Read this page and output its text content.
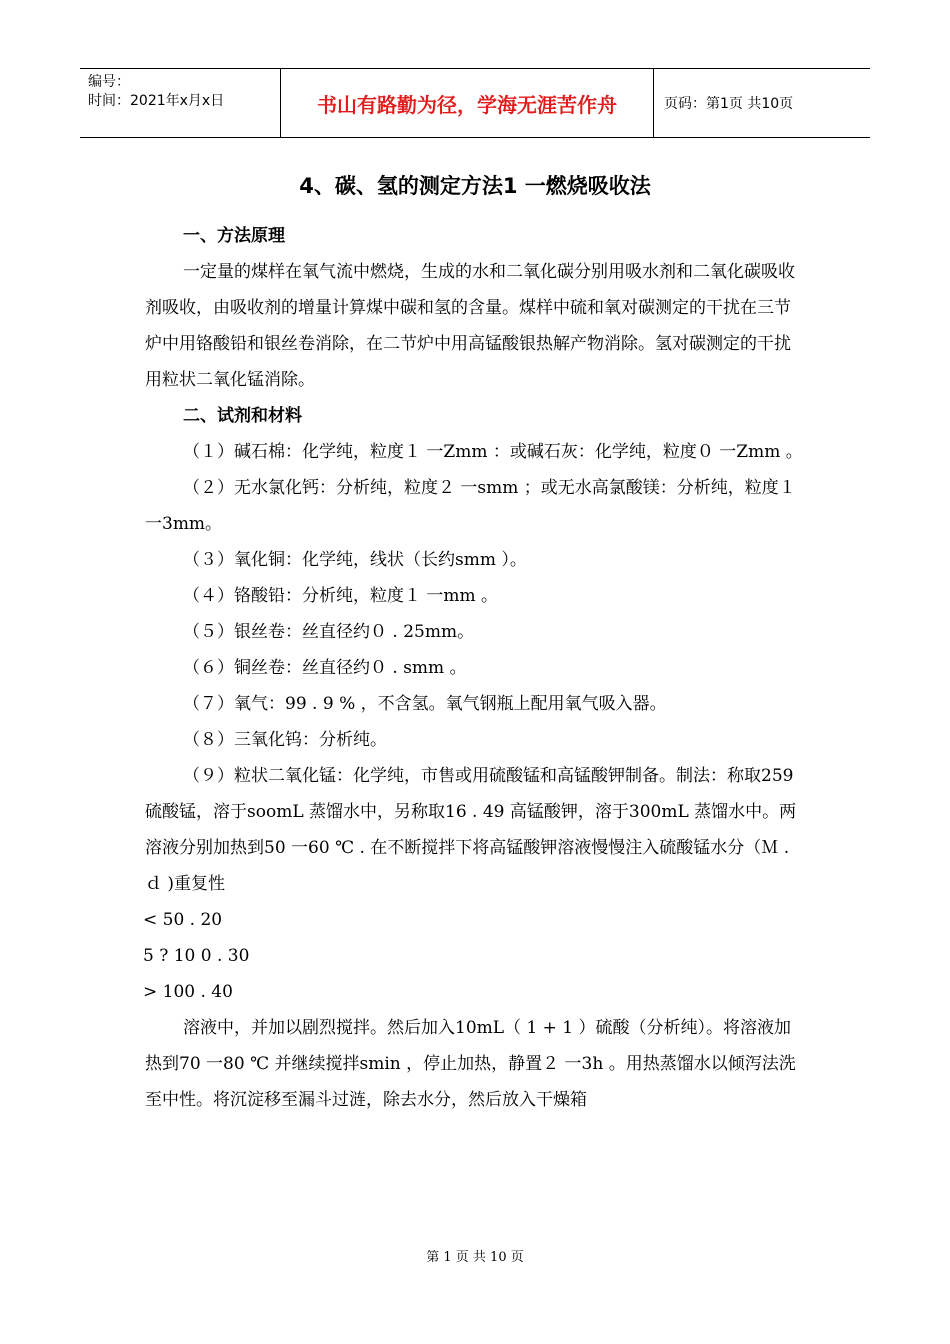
编号：
时间：2021年x月x日	书山有路勤为径，学海无涯苦作舟	页码：第1页 共10页
4、碳、氢的测定方法1 一燃烧吸收法

一、方法原理

一定量的煤样在氧气流中燃烧，生成的水和二氧化碳分别用吸水剂和二氧化碳吸收剂吸收，由吸收剂的增量计算煤中碳和氢的含量。煤样中硫和氧对碳测定的干扰在三节炉中用铬酸铅和银丝卷消除，在二节炉中用高锰酸银热解产物消除。氢对碳测定的干扰用粒状二氧化锰消除。

二、试剂和材料

（１）碱石棉：化学纯，粒度１ 一Zmm ：或碱石灰：化学纯，粒度０ 一Zmm 。

（２）无水氯化钙：分析纯，粒度２ 一smm ；或无水高氯酸镁：分析纯，粒度１ 一3mm。

（３）氧化铜：化学纯，线状（长约smm ）。

（４）铬酸铅：分析纯，粒度１ 一mm 。

（５）银丝卷：丝直径约０ . 25mm。

（６）铜丝卷：丝直径约０ . smm 。

（７）氧气：99 . 9 % ，不含氢。氧气钢瓶上配用氧气吸入器。

（８）三氧化钨：分析纯。

（９）粒状二氧化锰：化学纯，市售或用硫酸锰和高锰酸钾制备。制法：称取259 硫酸锰，溶于soomL 蒸馏水中，另称取16 . 49 高锰酸钾，溶于300mL 蒸馏水中。两溶液分别加热到50 一60 ℃ . 在不断搅拌下将高锰酸钾溶液慢慢注入硫酸锰水分（Ｍ . ｄ )重复性

< 50 . 20

5 ? 10 0 . 30

> 100 . 40

溶液中，并加以剧烈搅拌。然后加入10mL（ 1 + 1 ）硫酸（分析纯）。将溶液加热到70 一80 ℃ 并继续搅拌smin ，停止加热，静置２ 一3h 。用热蒸馏水以倾泻法洗至中性。将沉淀移至漏斗过涟，除去水分，然后放入干燥箱

第 1 页 共 10 页
